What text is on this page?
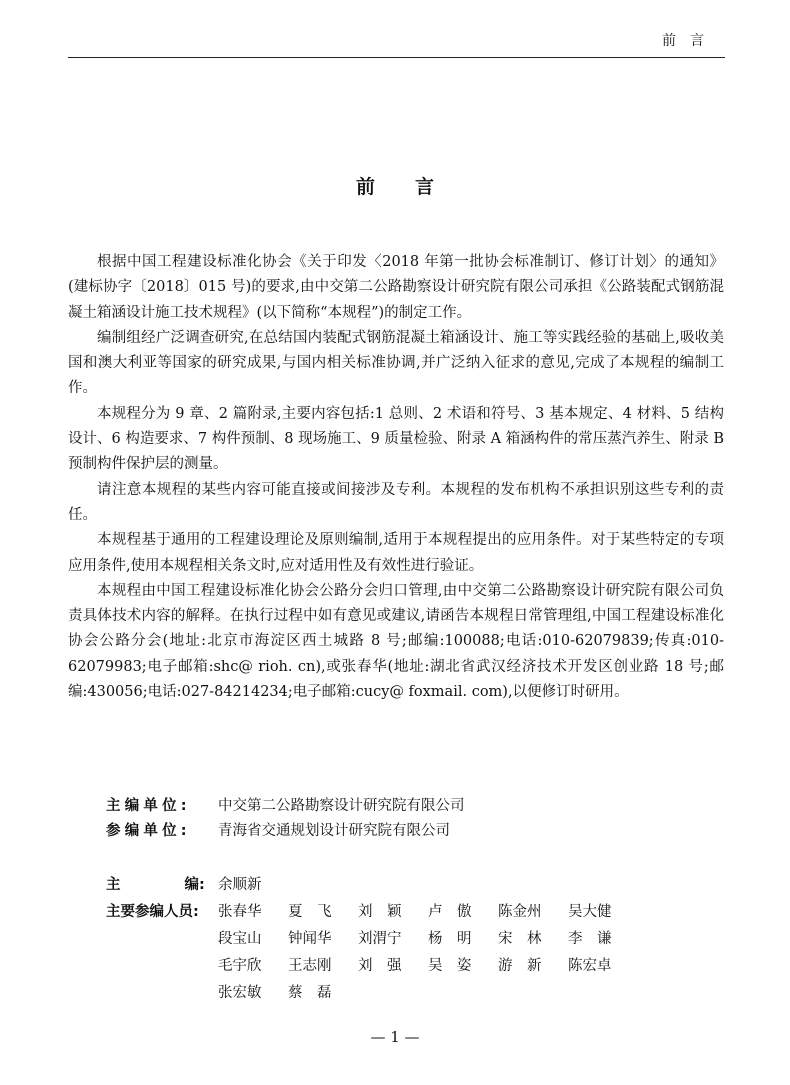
前言
前言

根据中国工程建设标准化协会《关于印发〈2018 年第一批协会标准制订、修订计划〉的通知》(建标协字〔2018〕015 号)的要求,由中交第二公路勘察设计研究院有限公司承担《公路装配式钢筋混凝土箱涵设计施工技术规程》(以下简称“本规程”)的制定工作。

编制组经广泛调查研究,在总结国内装配式钢筋混凝土箱涵设计、施工等实践经验的基础上,吸收美国和澳大利亚等国家的研究成果,与国内相关标准协调,并广泛纳入征求的意见,完成了本规程的编制工作。

本规程分为 9 章、2 篇附录,主要内容包括:1 总则、2 术语和符号、3 基本规定、4 材料、5 结构设计、6 构造要求、7 构件预制、8 现场施工、9 质量检验、附录 A 箱涵构件的常压蒸汽养生、附录 B 预制构件保护层的测量。

请注意本规程的某些内容可能直接或间接涉及专利。本规程的发布机构不承担识别这些专利的责任。

本规程基于通用的工程建设理论及原则编制,适用于本规程提出的应用条件。对于某些特定的专项应用条件,使用本规程相关条文时,应对适用性及有效性进行验证。

本规程由中国工程建设标准化协会公路分会归口管理,由中交第二公路勘察设计研究院有限公司负责具体技术内容的解释。在执行过程中如有意见或建议,请函告本规程日常管理组,中国工程建设标准化协会公路分会(地址:北京市海淀区西土城路 8 号;邮编:100088;电话:010-62079839;传真:010-62079983;电子邮箱:shc@ rioh. cn),或张春华(地址:湖北省武汉经济技术开发区创业路 18 号;邮编:430056;电话:027-84214234;电子邮箱:cucy@ foxmail. com),以便修订时研用。

主编单位:	中交第二公路勘察设计研究院有限公司
参编单位:	青海省交通规划设计研究院有限公司
主	编: 余顺新
主要参编人员:	张春华	夏　飞	刘　颖	卢　傲	陈金州	吴大健
段宝山	钟闻华	刘渭宁	杨　明	宋　林	李　谦
毛宇欣	王志刚	刘　强	吴　姿	游　新	陈宏卓
张宏敏	蔡　磊
— 1 —
